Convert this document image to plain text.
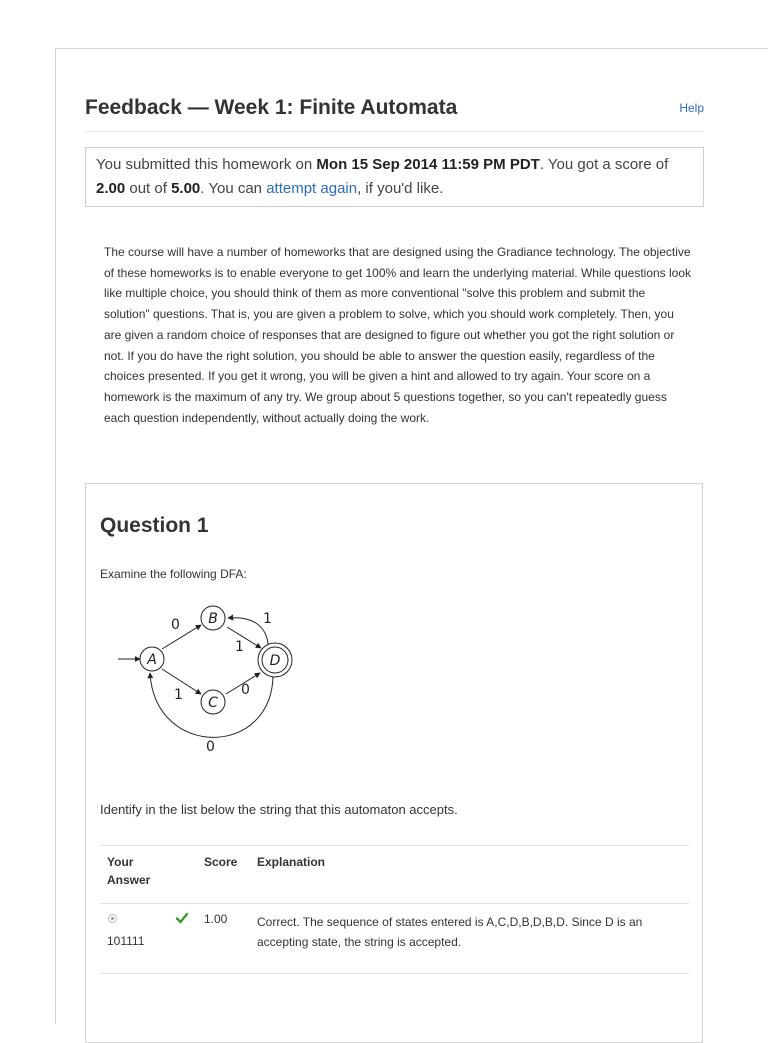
Feedback — Week 1: Finite Automata	Help
You submitted this homework on Mon 15 Sep 2014 11:59 PM PDT. You got a score of 2.00 out of 5.00. You can attempt again, if you'd like.

The course will have a number of homeworks that are designed using the Gradiance technology. The objective of these homeworks is to enable everyone to get 100% and learn the underlying material. While questions look like multiple choice, you should think of them as more conventional "solve this problem and submit the solution" questions. That is, you are given a problem to solve, which you should work completely. Then, you are given a random choice of responses that are designed to figure out whether you got the right solution or not. If you do have the right solution, you should be able to answer the question easily, regardless of the choices presented. If you get it wrong, you will be given a hint and allowed to try again. Your score on a homework is the maximum of any try. We group about 5 questions together, so you can't repeatedly guess each question independently, without actually doing the work.

Question 1
Examine the following DFA:
A
B
C
D
0
1
1
1
0
0
Identify in the list below the string that this automaton accepts.
Your Answer
Score Explanation
101111
1.00 Correct. The sequence of states entered is A,C,D,B,D,B,D. Since D is an accepting state, the string is accepted.
